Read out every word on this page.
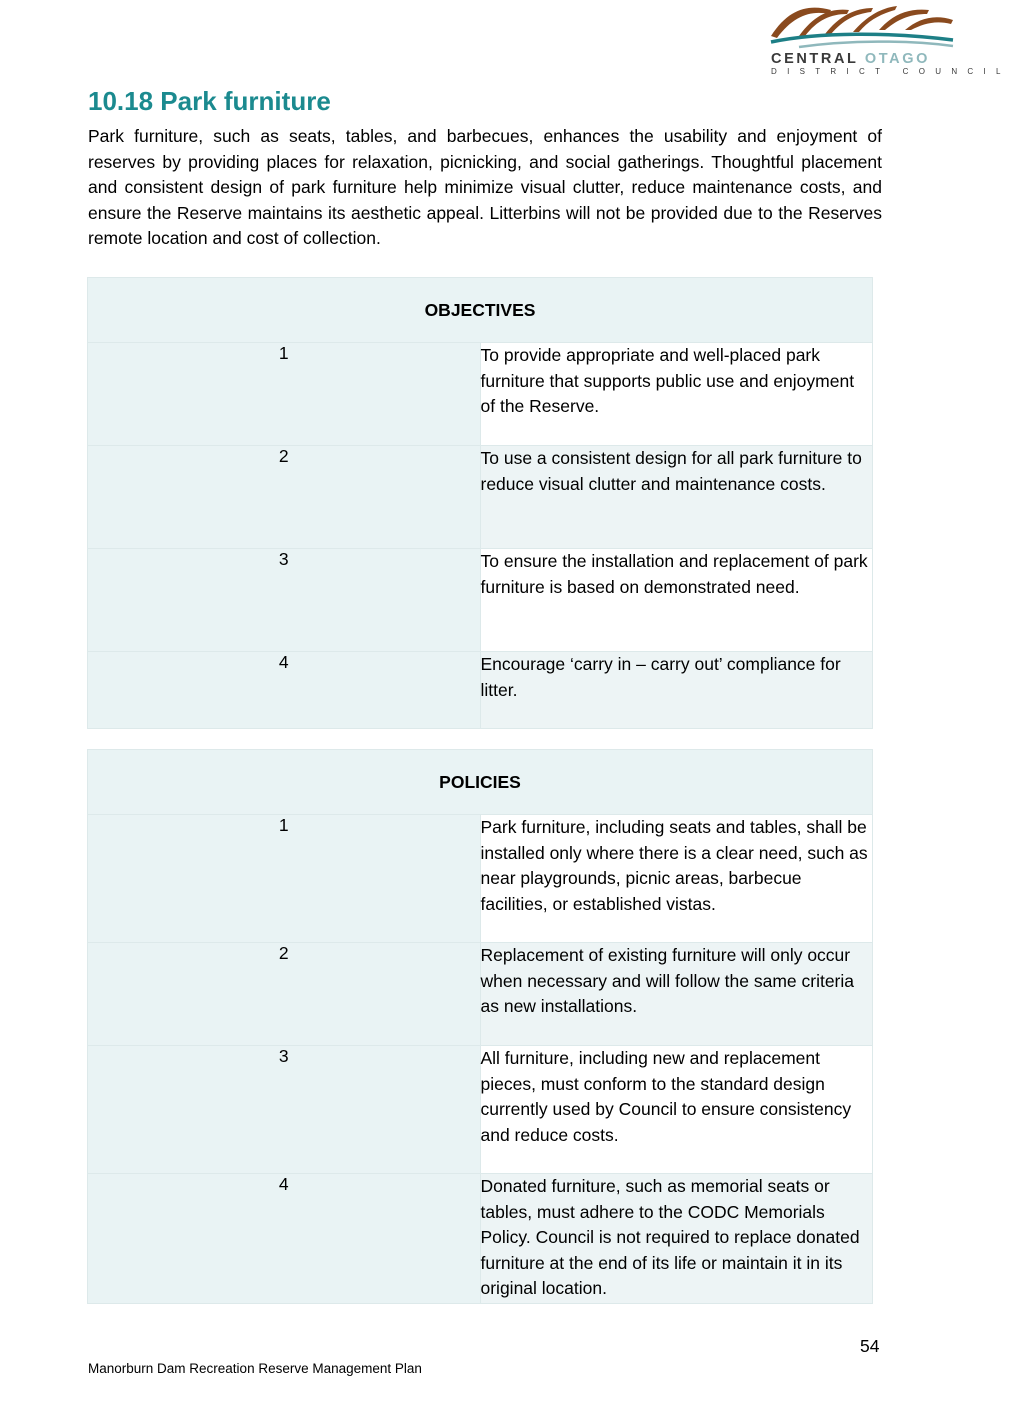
CENTRAL OTAGO
DISTRICT COUNCIL
10.18 Park furniture

Park furniture, such as seats, tables, and barbecues, enhances the usability and enjoyment of reserves by providing places for relaxation, picnicking, and social gatherings. Thoughtful placement and consistent design of park furniture help minimize visual clutter, reduce maintenance costs, and ensure the Reserve maintains its aesthetic appeal. Litterbins will not be provided due to the Reserves remote location and cost of collection.

OBJECTIVES	
1	To provide appropriate and well-placed park furniture that supports public use and enjoyment of the Reserve.
2	To use a consistent design for all park furniture to reduce visual clutter and maintenance costs.
3	To ensure the installation and replacement of park furniture is based on demonstrated need.
4	Encourage ‘carry in – carry out’ compliance for litter.
POLICIES	
1	Park furniture, including seats and tables, shall be installed only where there is a clear need, such as near playgrounds, picnic areas, barbecue facilities, or established vistas.
2	Replacement of existing furniture will only occur when necessary and will follow the same criteria as new installations.
3	All furniture, including new and replacement pieces, must conform to the standard design currently used by Council to ensure consistency and reduce costs.
4	Donated furniture, such as memorial seats or tables, must adhere to the CODC Memorials Policy. Council is not required to replace donated furniture at the end of its life or maintain it in its original location.
54
Manorburn Dam Recreation Reserve Management Plan
